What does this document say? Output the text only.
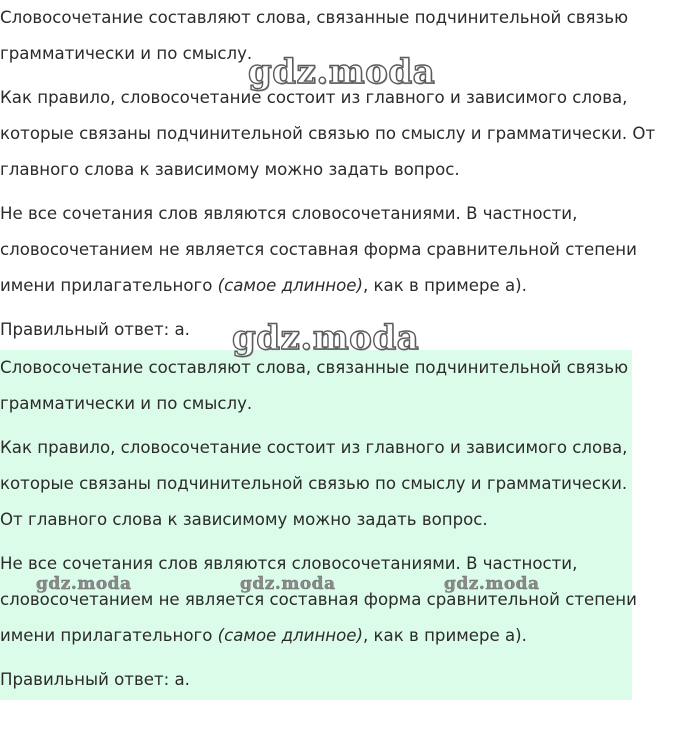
Словосочетание составляют слова, связанные подчинительной связью
грамматически и по смыслу.

Как правило, словосочетание состоит из главного и зависимого слова,
которые связаны подчинительной связью по смыслу и грамматически. От
главного слова к зависимому можно задать вопрос.

Не все сочетания слов являются словосочетаниями. В частности,
словосочетанием не является составная форма сравнительной степени
имени прилагательного (самое длинное), как в примере а).

Правильный ответ: а.

Словосочетание составляют слова, связанные подчинительной связью
грамматически и по смыслу.

Как правило, словосочетание состоит из главного и зависимого слова,
которые связаны подчинительной связью по смыслу и грамматически.
От главного слова к зависимому можно задать вопрос.

Не все сочетания слов являются словосочетаниями. В частности,
словосочетанием не является составная форма сравнительной степени
имени прилагательного (самое длинное), как в примере а).

Правильный ответ: а.

gdz.moda
gdz.moda
gdz.moda	gdz.moda	gdz.moda
